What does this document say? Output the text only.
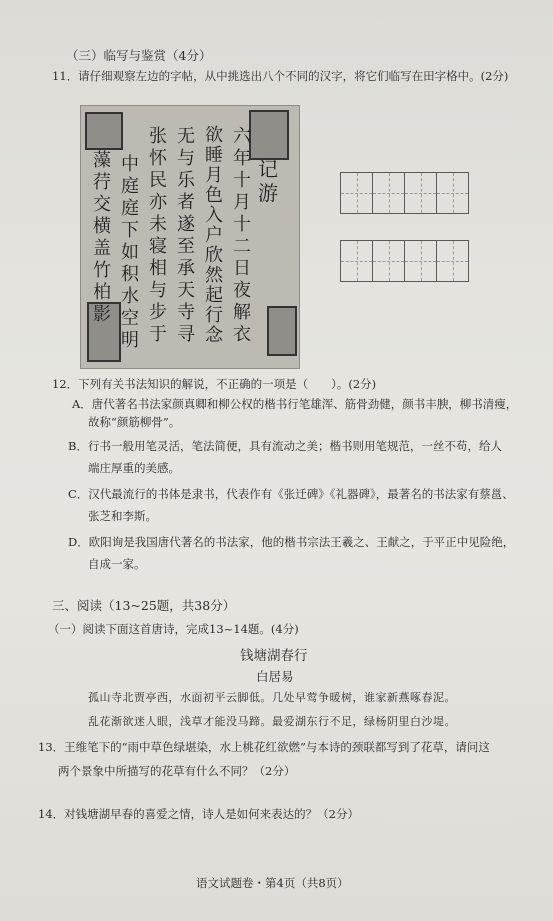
（三）临写与鉴赏（4分）
11．请仔细观察左边的字帖，从中挑选出八个不同的汉字，将它们临写在田字格中。(2分)
记游
六年十月十二日夜解衣
欲睡月色入户欣然起行念
无与乐者遂至承天寺寻
张怀民亦未寝相与步于
中庭庭下如积水空明
藻荇交横盖竹柏影
12．下列有关书法知识的解说，不正确的一项是（　　）。(2分)
A．唐代著名书法家颜真卿和柳公权的楷书行笔雄浑、筋骨劲健，颜书丰腴，柳书清瘦，
故称“颜筋柳骨”。
B．行书一般用笔灵活，笔法简便，具有流动之美；楷书则用笔规范，一丝不苟，给人
端庄厚重的美感。
C．汉代最流行的书体是隶书，代表作有《张迁碑》《礼器碑》，最著名的书法家有蔡邕、
张芝和李斯。
D．欧阳询是我国唐代著名的书法家，他的楷书宗法王羲之、王献之，于平正中见险绝，
自成一家。
三、阅读（13~25题，共38分）
（一）阅读下面这首唐诗，完成13~14题。(4分)
钱塘湖春行
白居易
孤山寺北贾亭西，水面初平云脚低。几处早莺争暖树，谁家新燕啄春泥。
乱花渐欲迷人眼，浅草才能没马蹄。最爱湖东行不足，绿杨阴里白沙堤。
13．王维笔下的“雨中草色绿堪染，水上桃花红欲燃”与本诗的颈联都写到了花草，请问这
两个景象中所描写的花草有什么不同？（2分）
14．对钱塘湖早春的喜爱之情，诗人是如何来表达的？（2分）
语文试题卷・第4页（共8页）
